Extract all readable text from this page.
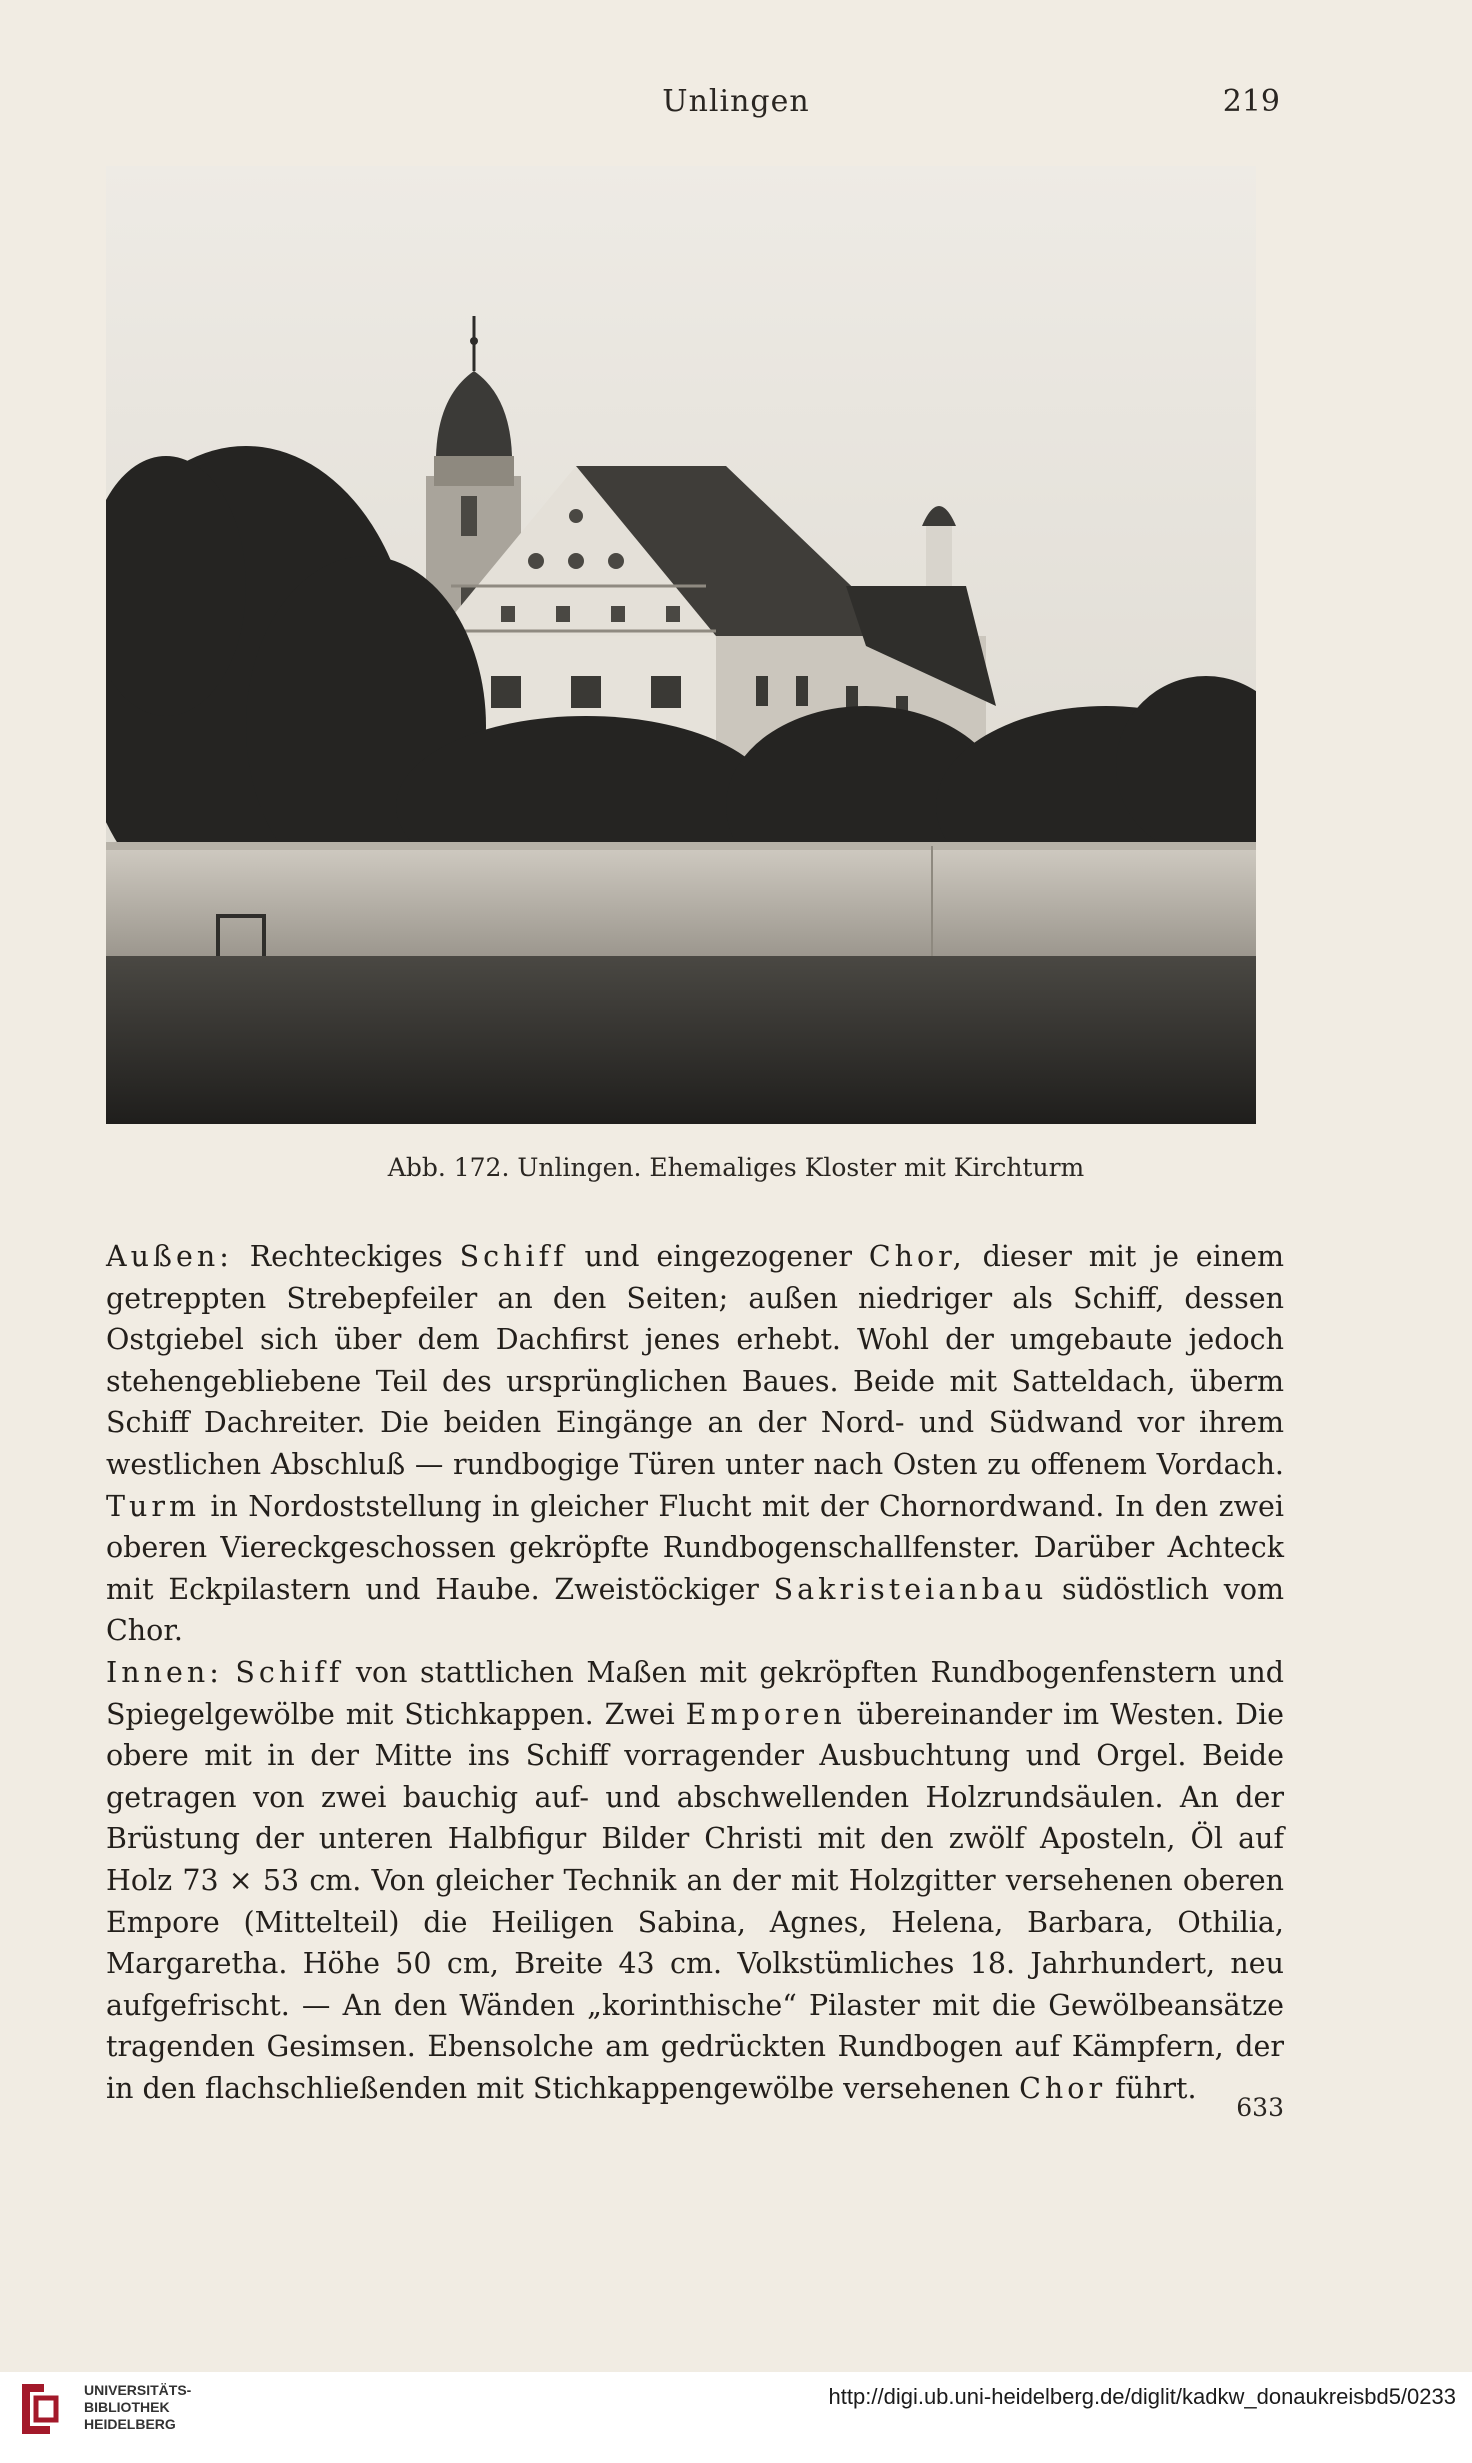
Unlingen	219
Abb. 172. Unlingen. Ehemaliges Kloster mit Kirchturm

Außen: Rechteckiges Schiff und eingezogener Chor, dieser mit je einem getreppten Strebepfeiler an den Seiten; außen niedriger als Schiff, dessen Ostgiebel sich über dem Dachfirst jenes erhebt. Wohl der umgebaute jedoch stehengebliebene Teil des ursprünglichen Baues. Beide mit Satteldach, überm Schiff Dachreiter. Die beiden Eingänge an der Nord- und Südwand vor ihrem westlichen Abschluß — rundbogige Türen unter nach Osten zu offenem Vordach. Turm in Nordoststellung in gleicher Flucht mit der Chornordwand. In den zwei oberen Viereckgeschossen gekröpfte Rundbogenschallfenster. Darüber Achteck mit Eckpilastern und Haube. Zweistöckiger Sakristeianbau südöstlich vom Chor.

Innen: Schiff von stattlichen Maßen mit gekröpften Rundbogenfenstern und Spiegelgewölbe mit Stichkappen. Zwei Emporen übereinander im Westen. Die obere mit in der Mitte ins Schiff vorragender Ausbuchtung und Orgel. Beide getragen von zwei bauchig auf- und abschwellenden Holzrundsäulen. An der Brüstung der unteren Halbfigur Bilder Christi mit den zwölf Aposteln, Öl auf Holz 73 × 53 cm. Von gleicher Technik an der mit Holzgitter versehenen oberen Empore (Mittelteil) die Heiligen Sabina, Agnes, Helena, Barbara, Othilia, Margaretha. Höhe 50 cm, Breite 43 cm. Volkstümliches 18. Jahrhundert, neu aufgefrischt. — An den Wänden „korinthische“ Pilaster mit die Gewölbeansätze tragenden Gesimsen. Ebensolche am gedrückten Rundbogen auf Kämpfern, der in den flachschließenden mit Stichkappengewölbe versehenen Chor führt.

633
UNIVERSITÄTS-
BIBLIOTHEK
HEIDELBERG
http://digi.ub.uni-heidelberg.de/diglit/kadkw_donaukreisbd5/0233
